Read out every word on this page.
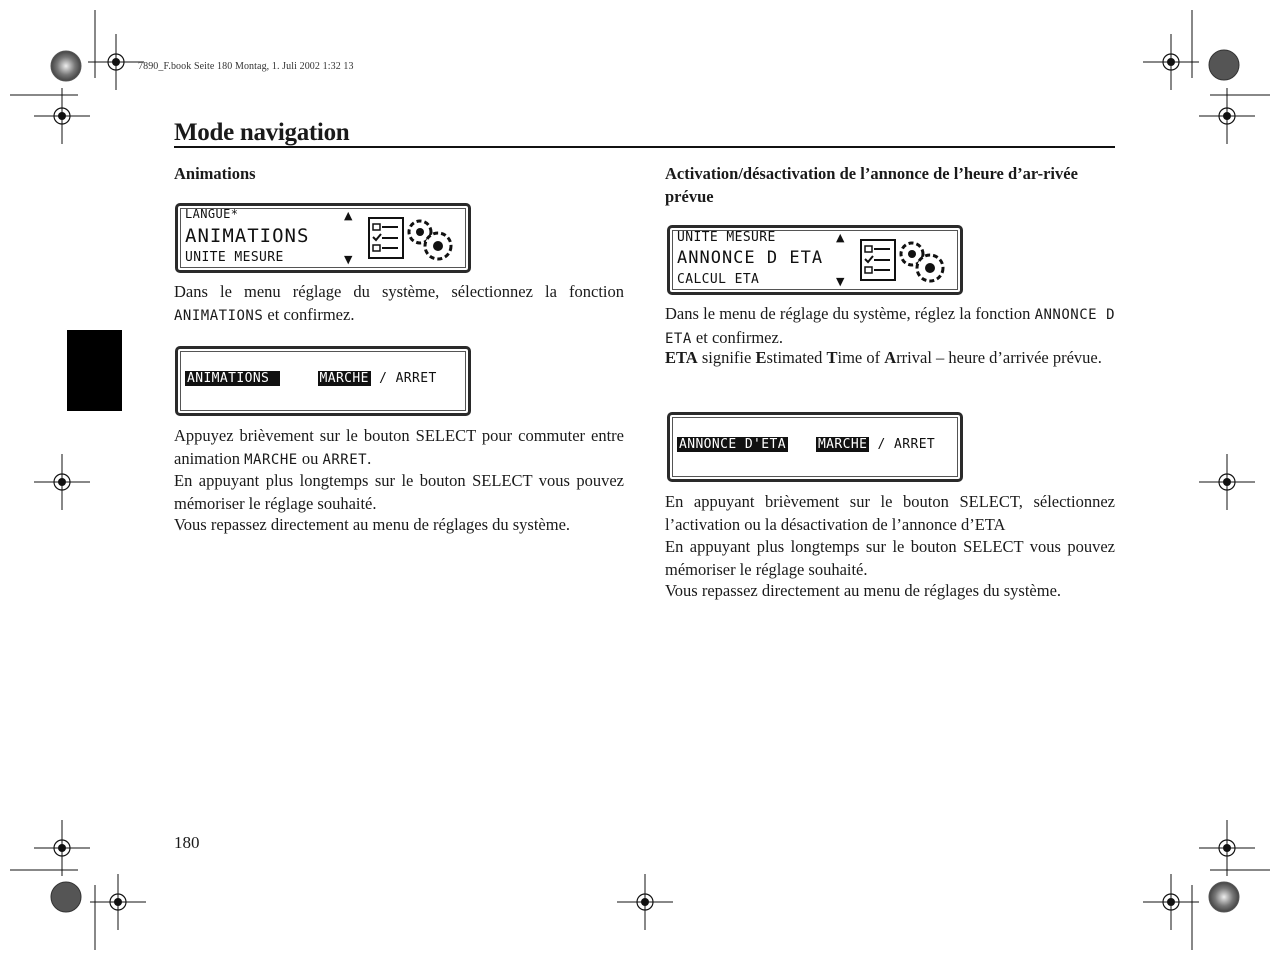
7890_F.book Seite 180 Montag, 1. Juli 2002 1:32 13
Mode navigation
Animations
LANGUE*
ANIMATIONS
UNITE MESURE
▲
▼
Dans le menu réglage du système, sélectionnez la fonction ANIMATIONS et confirmez.
ANIMATIONS	MARCHE / ARRET
Appuyez brièvement sur le bouton SELECT pour commuter entre animation MARCHE ou ARRET.
En appuyant plus longtemps sur le bouton SELECT vous pouvez mémoriser le réglage souhaité.
Vous repassez directement au menu de réglages du système.
Activation/désactivation de l’annonce de l’heure d’ar-rivée prévue
UNITE MESURE
ANNONCE D ETA
CALCUL ETA
▲
▼
Dans le menu de réglage du système, réglez la fonction ANNONCE D ETA et confirmez.
ETA signifie Estimated Time of Arrival – heure d’arrivée prévue.
ANNONCE D'ETA MARCHE / ARRET
En appuyant brièvement sur le bouton SELECT, sélectionnez l’activation ou la désactivation de l’annonce d’ETA
En appuyant plus longtemps sur le bouton SELECT vous pouvez mémoriser le réglage souhaité.
Vous repassez directement au menu de réglages du système.
180
